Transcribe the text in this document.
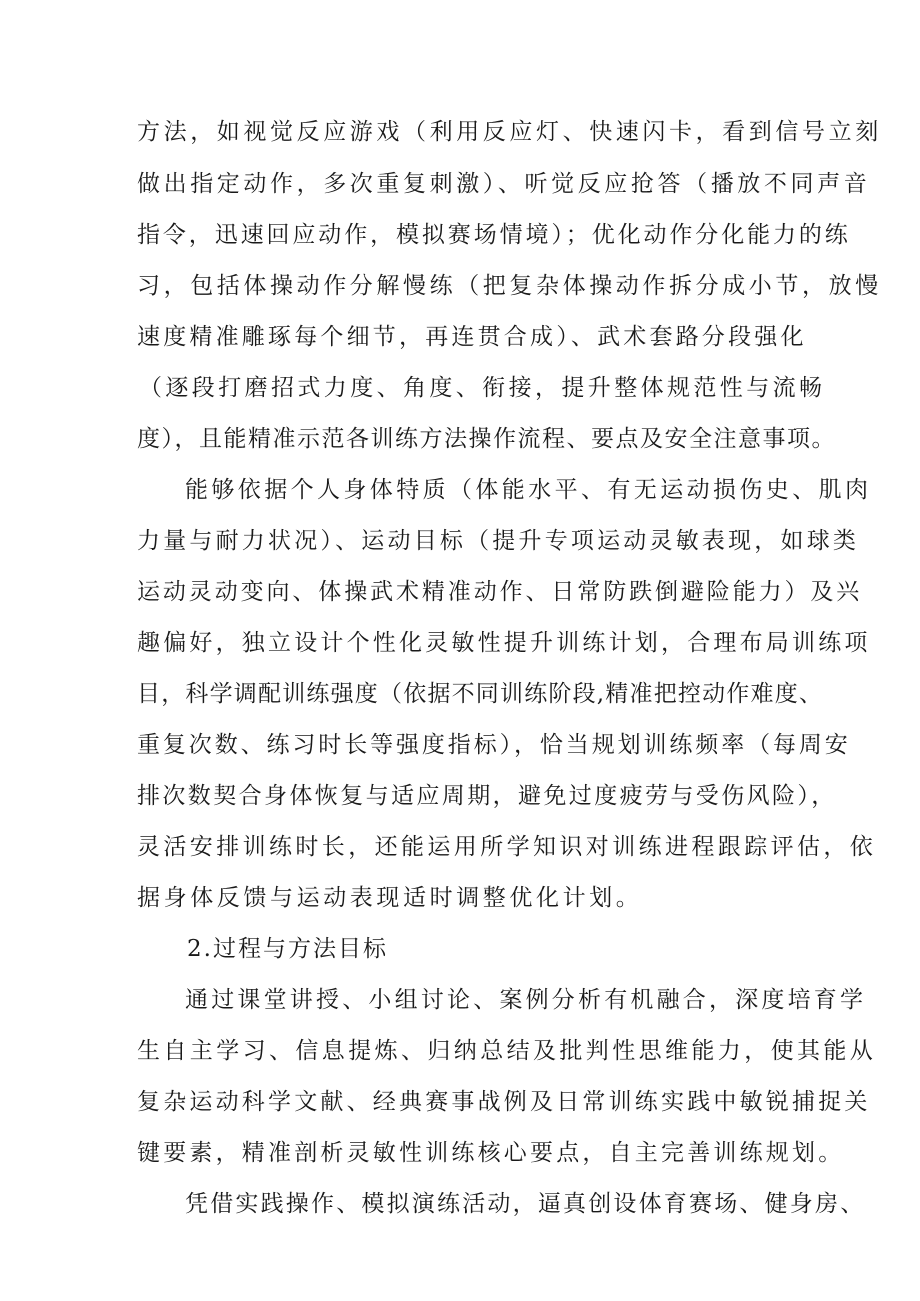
方法，如视觉反应游戏（利用反应灯、快速闪卡，看到信号立刻
做出指定动作，多次重复刺激）、听觉反应抢答（播放不同声音
指令，迅速回应动作，模拟赛场情境）；优化动作分化能力的练
习，包括体操动作分解慢练（把复杂体操动作拆分成小节，放慢
速度精准雕琢每个细节，再连贯合成）、武术套路分段强化
（逐段打磨招式力度、角度、衔接，提升整体规范性与流畅
度），且能精准示范各训练方法操作流程、要点及安全注意事项。
能够依据个人身体特质（体能水平、有无运动损伤史、肌肉
力量与耐力状况）、运动目标（提升专项运动灵敏表现，如球类
运动灵动变向、体操武术精准动作、日常防跌倒避险能力）及兴
趣偏好，独立设计个性化灵敏性提升训练计划，合理布局训练项
目，科学调配训练强度（依据不同训练阶段,精准把控动作难度、
重复次数、练习时长等强度指标），恰当规划训练频率（每周安
排次数契合身体恢复与适应周期，避免过度疲劳与受伤风险），
灵活安排训练时长，还能运用所学知识对训练进程跟踪评估，依
据身体反馈与运动表现适时调整优化计划。
2.过程与方法目标
通过课堂讲授、小组讨论、案例分析有机融合，深度培育学
生自主学习、信息提炼、归纳总结及批判性思维能力，使其能从
复杂运动科学文献、经典赛事战例及日常训练实践中敏锐捕捉关
键要素，精准剖析灵敏性训练核心要点，自主完善训练规划。
凭借实践操作、模拟演练活动，逼真创设体育赛场、健身房、
